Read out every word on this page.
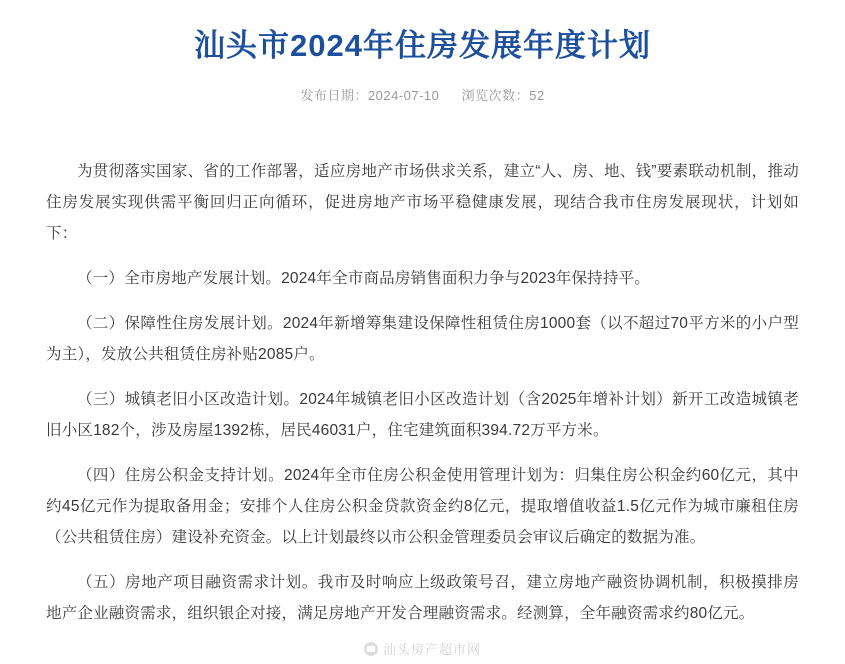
汕头市2024年住房发展年度计划
发布日期：2024-07-10 浏览次数：52

为贯彻落实国家、省的工作部署，适应房地产市场供求关系，建立“人、房、地、钱”要素联动机制，推动住房发展实现供需平衡回归正向循环，促进房地产市场平稳健康发展，现结合我市住房发展现状，计划如下：

（一）全市房地产发展计划。2024年全市商品房销售面积力争与2023年保持持平。

（二）保障性住房发展计划。2024年新增筹集建设保障性租赁住房1000套（以不超过70平方米的小户型为主），发放公共租赁住房补贴2085户。

（三）城镇老旧小区改造计划。2024年城镇老旧小区改造计划（含2025年增补计划）新开工改造城镇老旧小区182个，涉及房屋1392栋，居民46031户，住宅建筑面积394.72万平方米。

（四）住房公积金支持计划。2024年全市住房公积金使用管理计划为：归集住房公积金约60亿元，其中约45亿元作为提取备用金；安排个人住房公积金贷款资金约8亿元，提取增值收益1.5亿元作为城市廉租住房（公共租赁住房）建设补充资金。以上计划最终以市公积金管理委员会审议后确定的数据为准。

（五）房地产项目融资需求计划。我市及时响应上级政策号召，建立房地产融资协调机制，积极摸排房地产企业融资需求，组织银企对接，满足房地产开发合理融资需求。经测算，全年融资需求约80亿元。

汕头房产超市网
